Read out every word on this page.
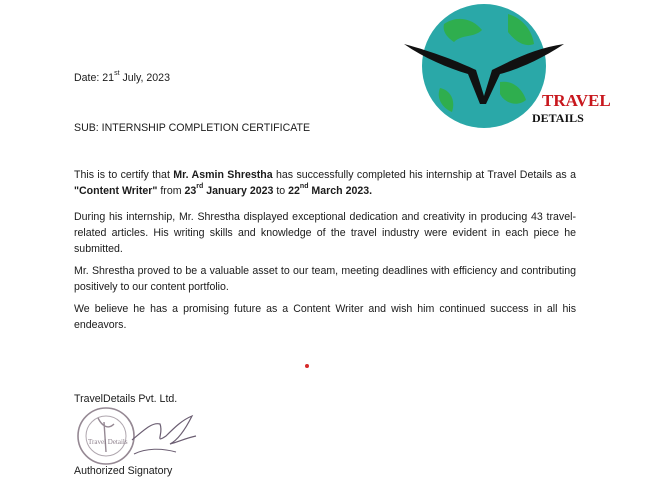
TRAVEL
DETAILS
Date: 21st July, 2023
SUB: INTERNSHIP COMPLETION CERTIFICATE
This is to certify that Mr. Asmin Shrestha has successfully completed his internship at Travel Details as a "Content Writer" from 23rd January 2023 to 22nd March 2023.
During his internship, Mr. Shrestha displayed exceptional dedication and creativity in producing 43 travel-related articles. His writing skills and knowledge of the travel industry were evident in each piece he submitted.
Mr. Shrestha proved to be a valuable asset to our team, meeting deadlines with efficiency and contributing positively to our content portfolio.
We believe he has a promising future as a Content Writer and wish him continued success in all his endeavors.
TravelDetails Pvt. Ltd.
Travel Details
Authorized Signatory
